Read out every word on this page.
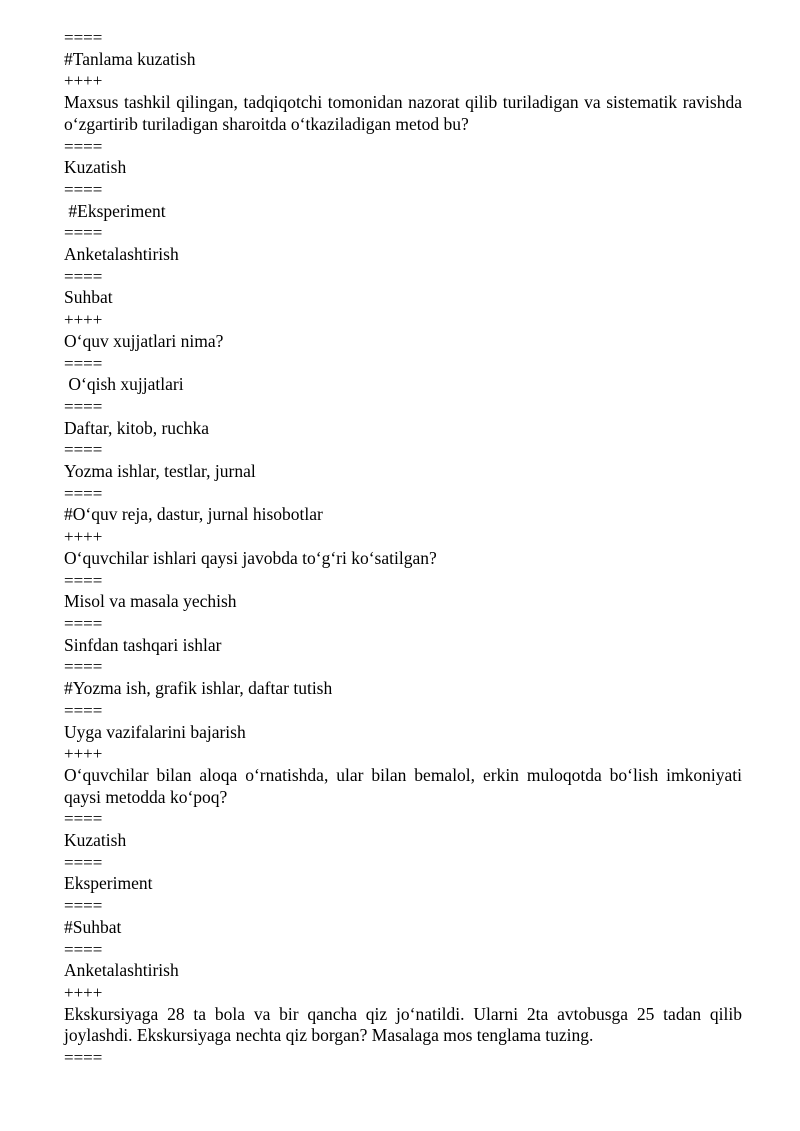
====
#Tanlama kuzatish
++++
Maxsus tashkil qilingan, tadqiqotchi tomonidan nazorat qilib turiladigan va sistematik ravishda o‘zgartirib turiladigan sharoitda o‘tkaziladigan metod bu?
====
Kuzatish
====
#Eksperiment
====
Anketalashtirish
====
Suhbat
++++
O‘quv xujjatlari nima?
====
O‘qish xujjatlari
====
Daftar, kitob, ruchka
====
Yozma ishlar, testlar, jurnal
====
#O‘quv reja, dastur, jurnal hisobotlar
++++
O‘quvchilar ishlari qaysi javobda to‘g‘ri ko‘satilgan?
====
Misol va masala yechish
====
Sinfdan tashqari ishlar
====
#Yozma ish, grafik ishlar, daftar tutish
====
Uyga vazifalarini bajarish
++++
O‘quvchilar bilan aloqa o‘rnatishda, ular bilan bemalol, erkin muloqotda bo‘lish imkoniyati qaysi metodda ko‘poq?
====
Kuzatish
====
Eksperiment
====
#Suhbat
====
Anketalashtirish
++++
Ekskursiyaga 28 ta bola va bir qancha qiz jo‘natildi. Ularni 2ta avtobusga 25 tadan qilib joylashdi. Ekskursiyaga nechta qiz borgan? Masalaga mos tenglama tuzing.
====
